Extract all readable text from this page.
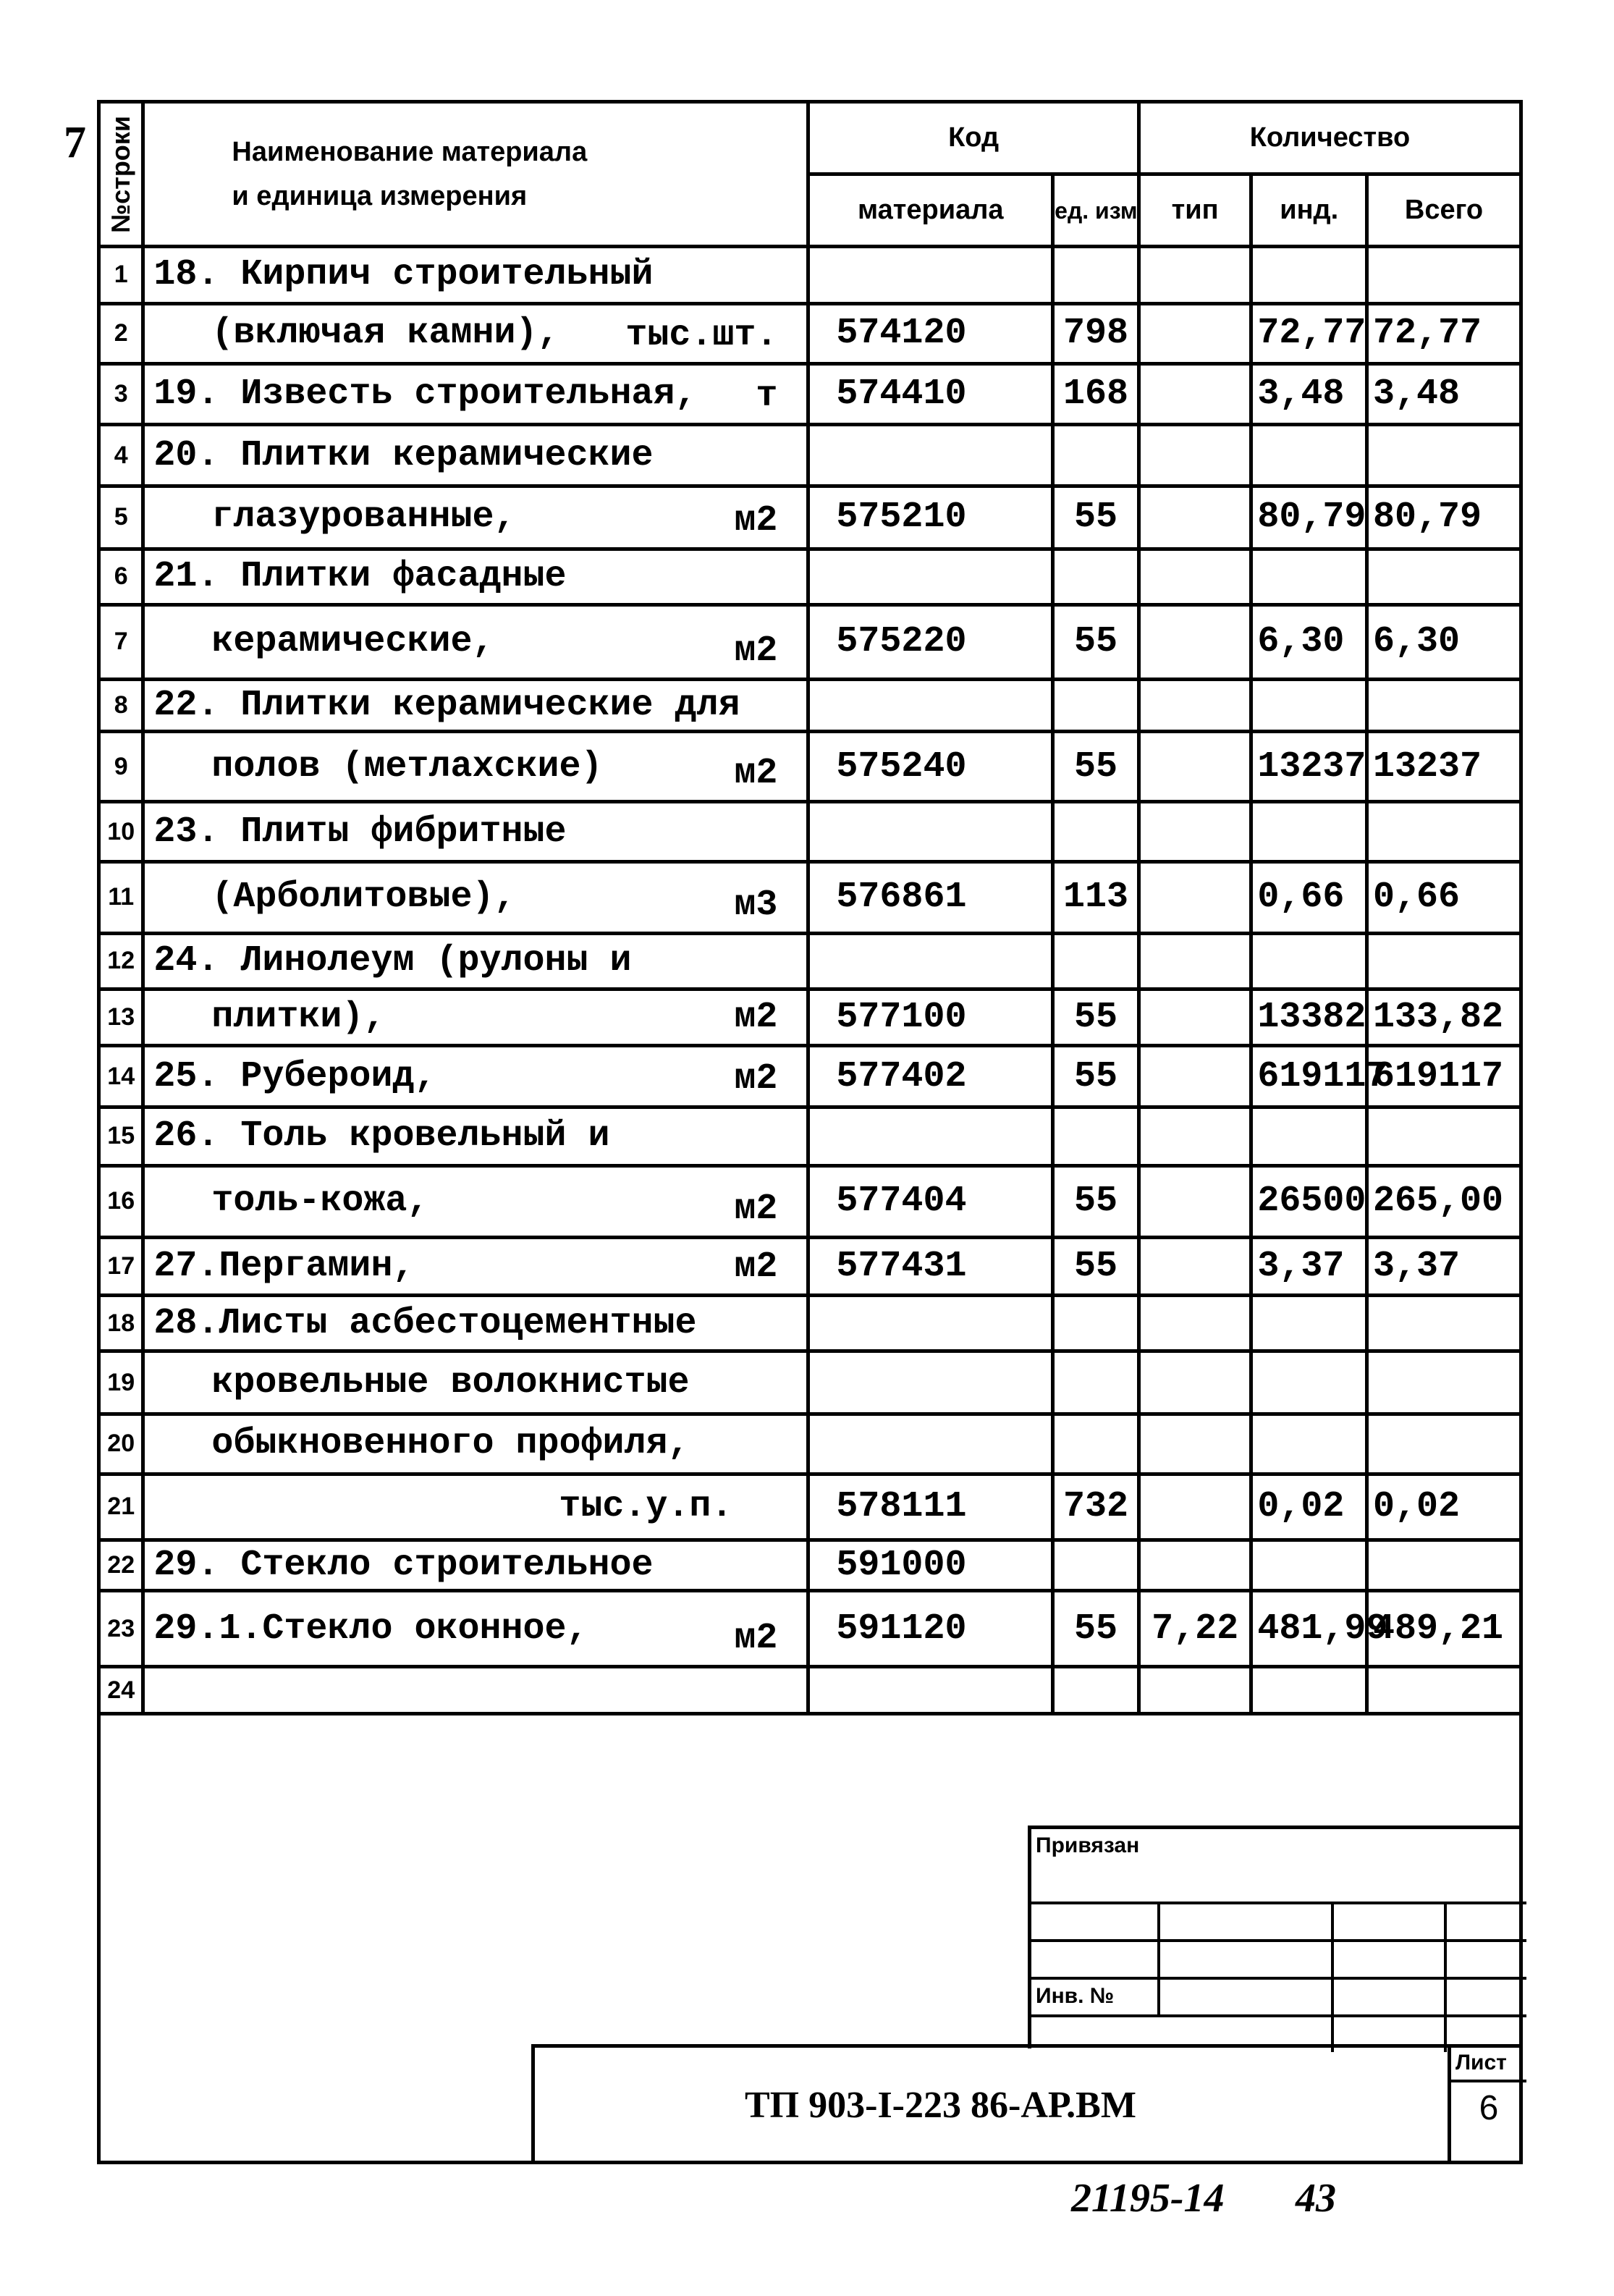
7 №строки	Наименование материала
и единица измерения	Код		Количество		
		материала	ед. изм	тип	инд.	Всего
1	18. Кирпич строительный

2	(включая камни), тыс.шт.	574120	798		72,77	72,77
3	19. Известь строительная, т	574410	168		3,48	3,48
4	20. Плитки керамические

5	глазурованные, м2	575210	55		80,79	80,79
6	21. Плитки фасадные

7	керамические, м2	575220	55		6,30	6,30
8	22. Плитки керамические для

9	полов (метлахские) м2	575240	55		13237	13237
10	23. Плиты фибритные

11	(Арболитовые), м3	576861	113		0,66	0,66
12	24. Линолеум (рулоны и

13	плитки), м2	577100	55		13382	133,82
14	25. Рубероид, м2	577402	55		619117	619117
15	26. Толь кровельный и

16	толь-кожа, м2	577404	55		26500	265,00
17	27.Пергамин, м2	577431	55		3,37	3,37
18	28.Листы асбестоцементные

19	кровельные волокнистые

20	обыкновенного профиля,

21	тыс.у.п.	578111	732		0,02	0,02
22	29. Стекло строительное	591000				
23	29.1.Стекло оконное, м2	591120	55	7,22	481,99	489,21
24	

Привязан
Инв. №
ТП 903-I-223 86-АР.ВМ
Лист
6
21195-14 43
